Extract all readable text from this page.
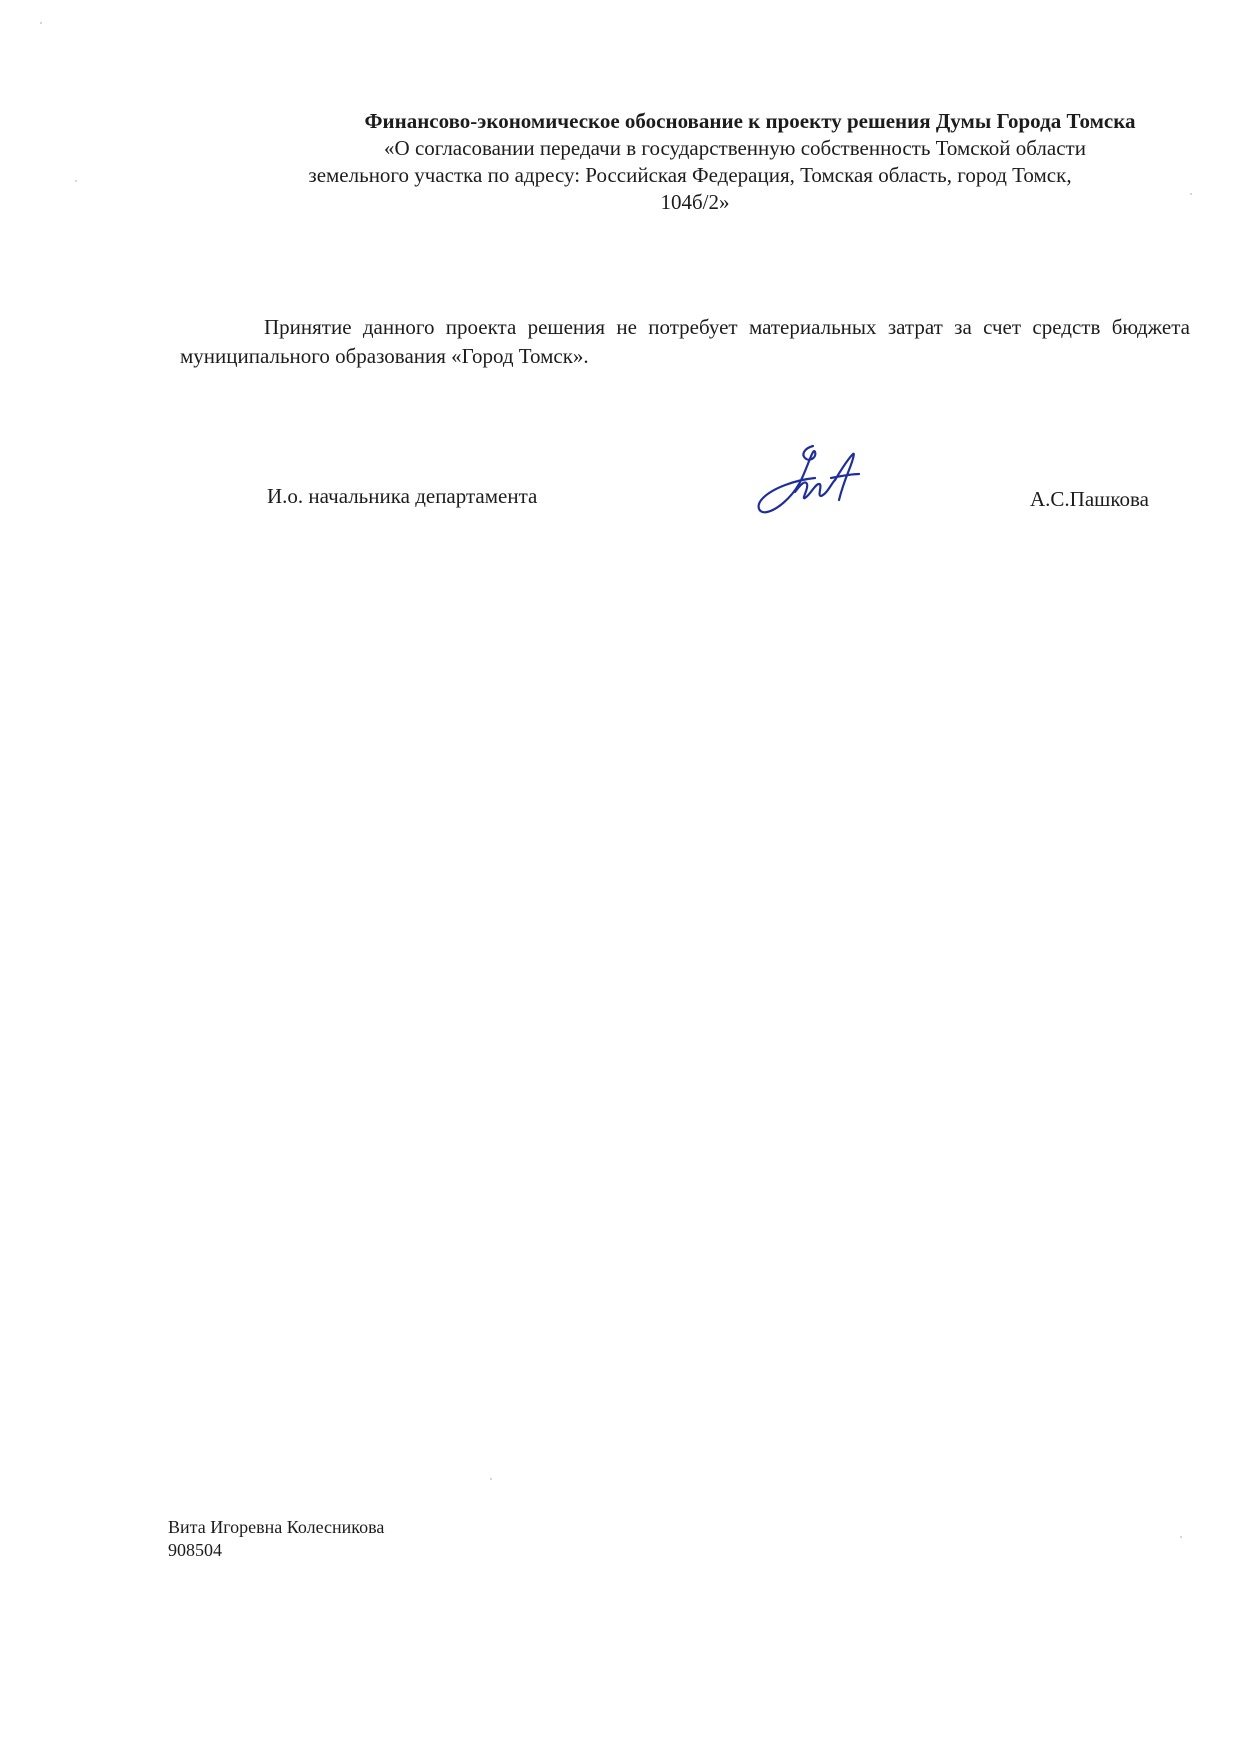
Финансово-экономическое обоснование к проекту решения Думы Города Томска
«О согласовании передачи в государственную собственность Томской области
земельного участка по адресу: Российская Федерация, Томская область, город Томск,
104б/2»
Принятие данного проекта решения не потребует материальных затрат за счет средств бюджета муниципального образования «Город Томск».
И.о. начальника департамента	А.С.Пашкова
Вита Игоревна Колесникова
908504
